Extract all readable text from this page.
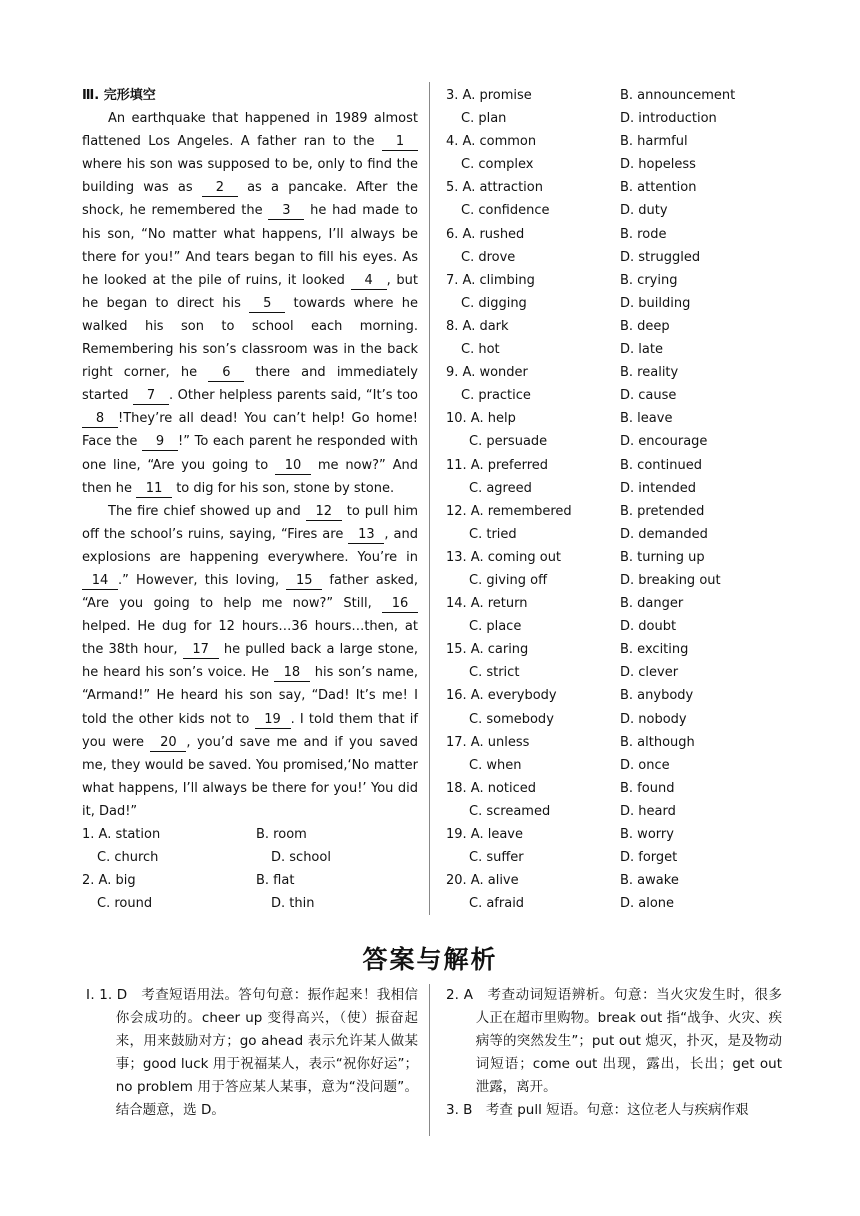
Ⅲ. 完形填空

An earthquake that happened in 1989 almost flattened Los Angeles. A father ran to the 1 where his son was supposed to be, only to find the building was as 2 as a pancake. After the shock, he remembered the 3 he had made to his son, “No matter what happens, I’ll always be there for you!” And tears began to fill his eyes. As he looked at the pile of ruins, it looked 4 , but he began to direct his 5 towards where he walked his son to school each morning. Remembering his son’s classroom was in the back right corner, he 6 there and immediately started 7 . Other helpless parents said, “It’s too 8 !They’re all dead! You can’t help! Go home! Face the 9 !” To each parent he responded with one line, “Are you going to 10 me now?” And then he 11 to dig for his son, stone by stone.

The fire chief showed up and 12 to pull him off the school’s ruins, saying, “Fires are 13 , and explosions are happening everywhere. You’re in 14 .” However, this loving, 15 father asked, “Are you going to help me now?” Still, 16 helped. He dug for 12 hours…36 hours…then, at the 38th hour, 17 he pulled back a large stone, he heard his son’s voice. He 18 his son’s name, “Armand!” He heard his son say, “Dad! It’s me! I told the other kids not to 19 . I told them that if you were 20 , you’d save me and if you saved me, they would be saved. You promised,‘No matter what happens, I’ll always be there for you!’ You did it, Dad!”

1. A. station	B. room
C. church	D. school
2. A. big	B. flat
C. round	D. thin
3. A. promise	B. announcement
C. plan	D. introduction
4. A. common	B. harmful
C. complex	D. hopeless
5. A. attraction	B. attention
C. confidence	D. duty
6. A. rushed	B. rode
C. drove	D. struggled
7. A. climbing	B. crying
C. digging	D. building
8. A. dark	B. deep
C. hot	D. late
9. A. wonder	B. reality
C. practice	D. cause
10. A. help	B. leave
C. persuade	D. encourage
11. A. preferred	B. continued
C. agreed	D. intended
12. A. remembered	B. pretended
C. tried	D. demanded
13. A. coming out	B. turning up
C. giving off	D. breaking out
14. A. return	B. danger
C. place	D. doubt
15. A. caring	B. exciting
C. strict	D. clever
16. A. everybody	B. anybody
C. somebody	D. nobody
17. A. unless	B. although
C. when	D. once
18. A. noticed	B. found
C. screamed	D. heard
19. A. leave	B. worry
C. suffer	D. forget
20. A. alive	B. awake
C. afraid	D. alone
答案与解析

Ⅰ. 1. D　考查短语用法。答句句意：振作起来！我相信你会成功的。cheer up 变得高兴，（使）振奋起来，用来鼓励对方；go ahead 表示允许某人做某事；good luck 用于祝福某人，表示“祝你好运”；no problem 用于答应某人某事，意为“没问题”。结合题意，选 D。

2. A　考查动词短语辨析。句意：当火灾发生时，很多人正在超市里购物。break out 指“战争、火灾、疾病等的突然发生”；put out 熄灭，扑灭，是及物动词短语；come out 出现，露出，长出；get out 泄露，离开。

3. B　考查 pull 短语。句意：这位老人与疾病作艰
